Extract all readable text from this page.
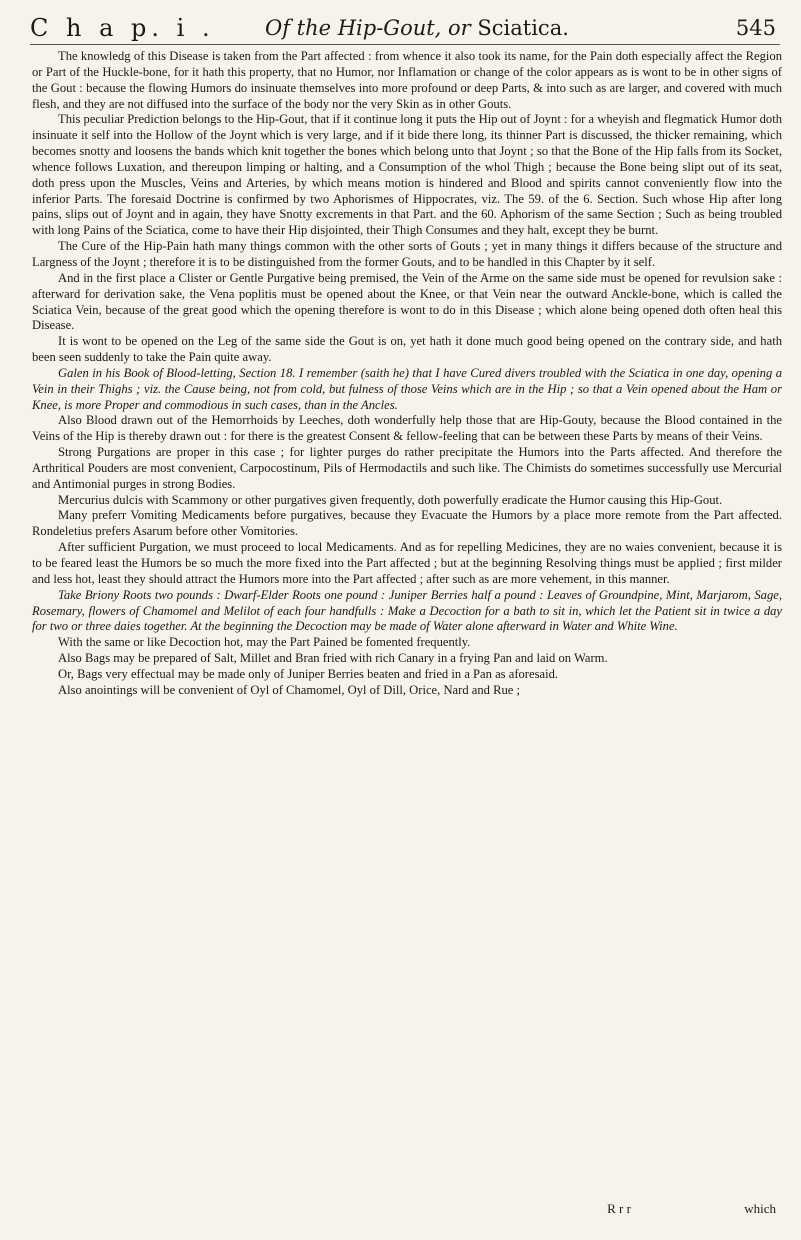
C h a p. i . Of the Hip-Gout, or Sciatica.	545

The knowledg of this Disease is taken from the Part affected : from whence it also took its name, for the Pain doth especially affect the Region or Part of the Huckle-bone, for it hath this property, that no Humor, nor Inflamation or change of the color appears as is wont to be in other signs of the Gout : because the flowing Humors do insinuate themselves into more profound or deep Parts, & into such as are larger, and covered with much flesh, and they are not diffused into the surface of the body nor the very Skin as in other Gouts.

This peculiar Prediction belongs to the Hip-Gout, that if it continue long it puts the Hip out of Joynt : for a wheyish and flegmatick Humor doth insinuate it self into the Hollow of the Joynt which is very large, and if it bide there long, its thinner Part is discussed, the thicker remaining, which becomes snotty and loosens the bands which knit together the bones which belong unto that Joynt ; so that the Bone of the Hip falls from its Socket, whence follows Luxation, and thereupon limping or halting, and a Consumption of the whol Thigh ; because the Bone being slipt out of its seat, doth press upon the Muscles, Veins and Arteries, by which means motion is hindered and Blood and spirits cannot conveniently flow into the inferior Parts. The foresaid Doctrine is confirmed by two Aphorismes of Hippocrates, viz. The 59. of the 6. Section. Such whose Hip after long pains, slips out of Joynt and in again, they have Snotty excrements in that Part. and the 60. Aphorism of the same Section ; Such as being troubled with long Pains of the Sciatica, come to have their Hip disjointed, their Thigh Consumes and they halt, except they be burnt.

The Cure of the Hip-Pain hath many things common with the other sorts of Gouts ; yet in many things it differs because of the structure and Largness of the Joynt ; therefore it is to be distinguished from the former Gouts, and to be handled in this Chapter by it self.

And in the first place a Clister or Gentle Purgative being premised, the Vein of the Arme on the same side must be opened for revulsion sake : afterward for derivation sake, the Vena poplitis must be opened about the Knee, or that Vein near the outward Anckle-bone, which is called the Sciatica Vein, because of the great good which the opening therefore is wont to do in this Disease ; which alone being opened doth often heal this Disease.

It is wont to be opened on the Leg of the same side the Gout is on, yet hath it done much good being opened on the contrary side, and hath been seen suddenly to take the Pain quite away.

Galen in his Book of Blood-letting, Section 18. I remember (saith he) that I have Cured divers troubled with the Sciatica in one day, opening a Vein in their Thighs ; viz. the Cause being, not from cold, but fulness of those Veins which are in the Hip ; so that a Vein opened about the Ham or Knee, is more Proper and commodious in such cases, than in the Ancles.

Also Blood drawn out of the Hemorrhoids by Leeches, doth wonderfully help those that are Hip-Gouty, because the Blood contained in the Veins of the Hip is thereby drawn out : for there is the greatest Consent & fellow-feeling that can be between these Parts by means of their Veins.

Strong Purgations are proper in this case ; for lighter purges do rather precipitate the Humors into the Parts affected. And therefore the Arthritical Pouders are most convenient, Carpocostinum, Pils of Hermodactils and such like. The Chimists do sometimes successfully use Mercurial and Antimonial purges in strong Bodies.

Mercurius dulcis with Scammony or other purgatives given frequently, doth powerfully eradicate the Humor causing this Hip-Gout.

Many preferr Vomiting Medicaments before purgatives, because they Evacuate the Humors by a place more remote from the Part affected. Rondeletius prefers Asarum before other Vomitories.

After sufficient Purgation, we must proceed to local Medicaments. And as for repelling Medicines, they are no waies convenient, because it is to be feared least the Humors be so much the more fixed into the Part affected ; but at the beginning Resolving things must be applied ; first milder and less hot, least they should attract the Humors more into the Part affected ; after such as are more vehement, in this manner.

Take Briony Roots two pounds : Dwarf-Elder Roots one pound : Juniper Berries half a pound : Leaves of Groundpine, Mint, Marjarom, Sage, Rosemary, flowers of Chamomel and Melilot of each four handfulls : Make a Decoction for a bath to sit in, which let the Patient sit in twice a day for two or three daies together. At the beginning the Decoction may be made of Water alone afterward in Water and White Wine.

With the same or like Decoction hot, may the Part Pained be fomented frequently.

Also Bags may be prepared of Salt, Millet and Bran fried with rich Canary in a frying Pan and laid on Warm.

Or, Bags very effectual may be made only of Juniper Berries beaten and fried in a Pan as aforesaid.

Also anointings will be convenient of Oyl of Chamomel, Oyl of Dill, Orice, Nard and Rue ;

R r r	which
